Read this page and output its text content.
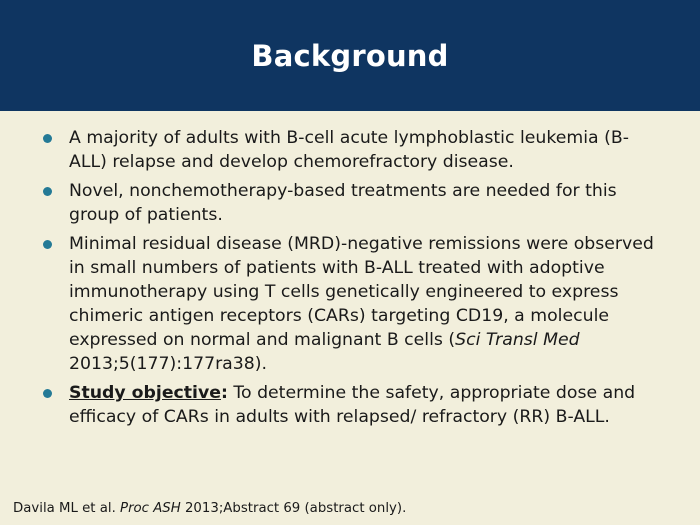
Background
A majority of adults with B-cell acute lymphoblastic leukemia (B-ALL) relapse and develop chemorefractory disease.
Novel, nonchemotherapy-based treatments are needed for this group of patients.
Minimal residual disease (MRD)-negative remissions were observed in small numbers of patients with B-ALL treated with adoptive immunotherapy using T cells genetically engineered to express chimeric antigen receptors (CARs) targeting CD19, a molecule expressed on normal and malignant B cells (Sci Transl Med 2013;5(177):177ra38).
Study objective: To determine the safety, appropriate dose and efficacy of CARs in adults with relapsed/ refractory (RR) B-ALL.
Davila ML et al. Proc ASH 2013;Abstract 69 (abstract only).
